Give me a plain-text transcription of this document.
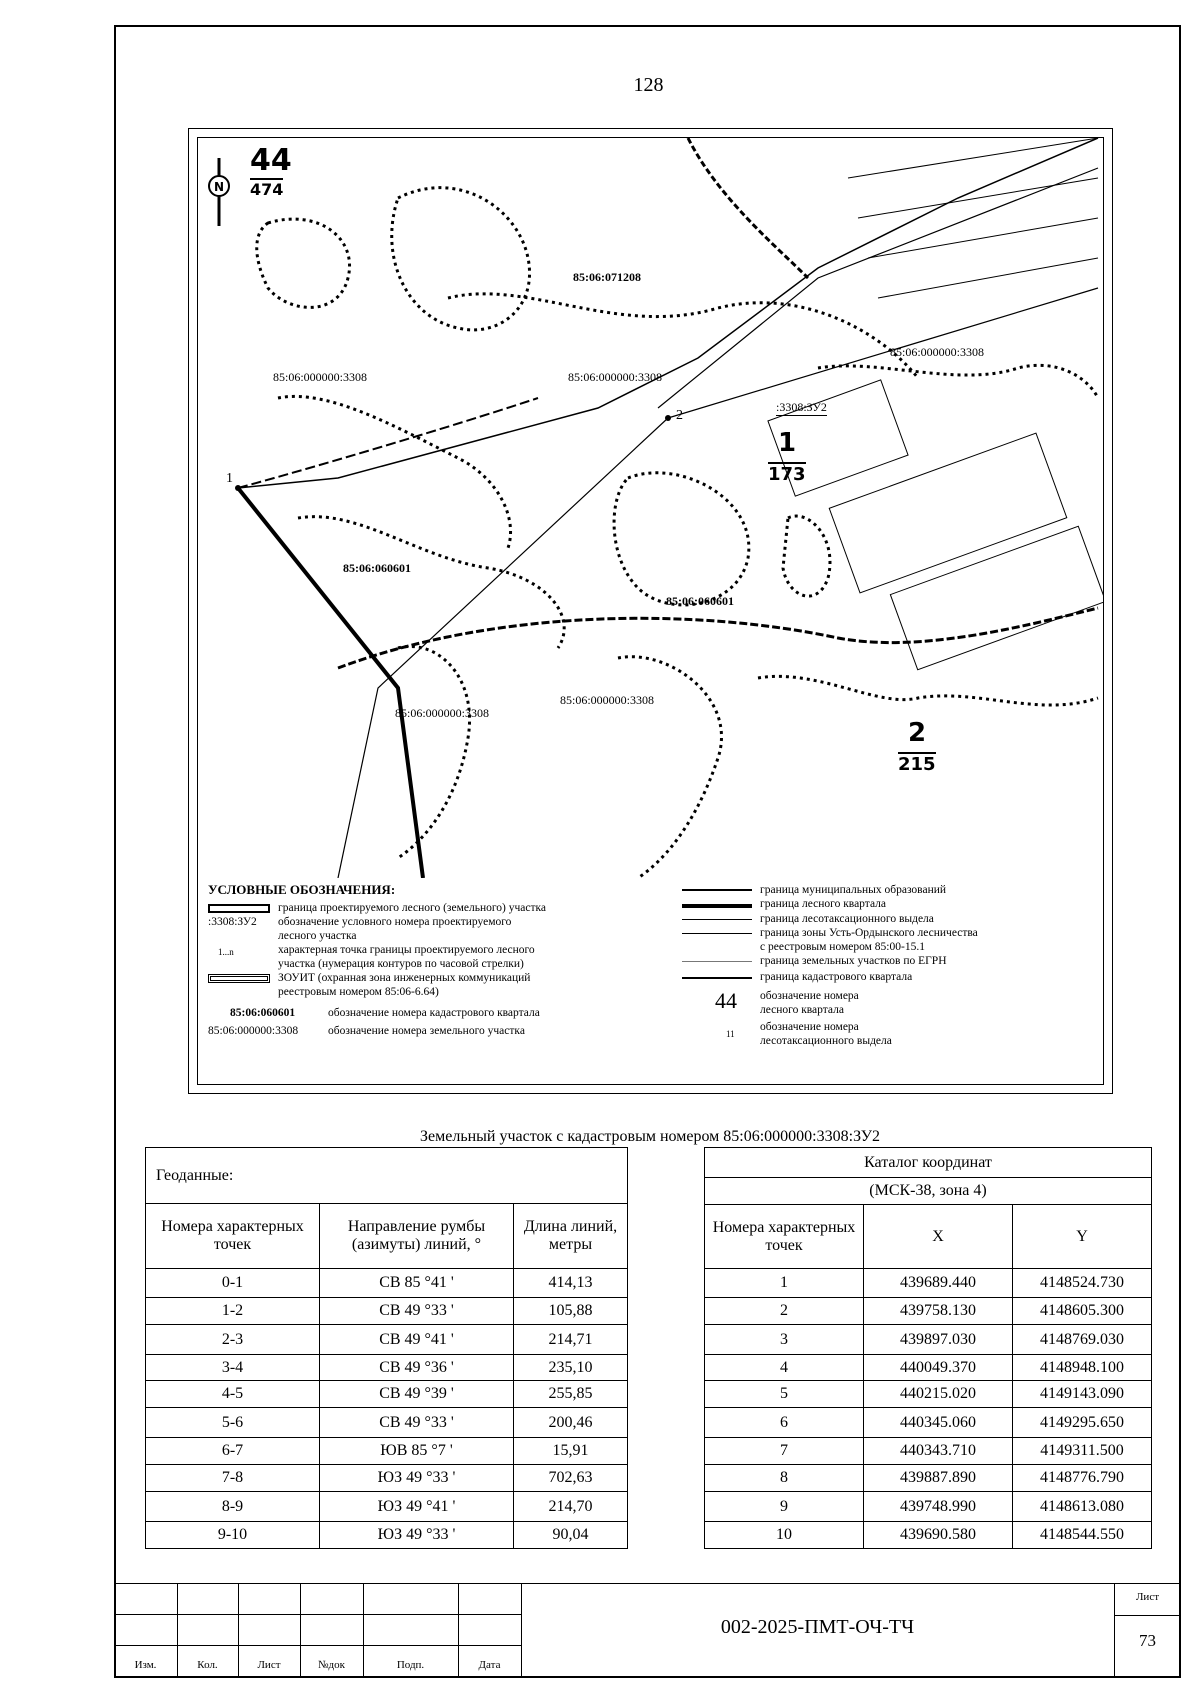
128
N
44
474
1
173
2
215
85:06:071208
85:06:060601
85:06:060601
85:06:000000:3308	85:06:000000:3308
85:06:000000:3308
85:06:000000:3308
85:06:000000:3308
:3308:ЗУ2
1
2
УСЛОВНЫЕ ОБОЗНАЧЕНИЯ:
граница проектируемого лесного (земельного) участка
:3308:ЗУ2 обозначение условного номера проектируемого
лесного участка
1...n	характерная точка границы проектируемого лесного
участка (нумерация контуров по часовой стрелки)
ЗОУИТ (охранная зона инженерных коммуникаций
реестровым номером 85:06-6.64)
85:06:060601	обозначение номера кадастрового квартала
85:06:000000:3308	обозначение номера земельного участка
граница муниципальных образований
граница лесного квартала
граница лесотаксационного выдела
граница зоны Усть-Ордынского лесничества
с реестровым номером 85:00-15.1
граница земельных участков по ЕГРН
граница кадастрового квартала
44 обозначение номера
лесного квартала
11
обозначение номера
лесотаксационного выдела
Земельный участок с кадастровым номером 85:06:000000:3308:ЗУ2
Геоданные:		
Номера характерных точек	Направление румбы (азимуты) линий, °	Длина линий, метры
0-1	СВ 85 °41 '	414,13
1-2	СВ 49 °33 '	105,88
2-3	СВ 49 °41 '	214,71
3-4	СВ 49 °36 '	235,10
4-5	СВ 49 °39 '	255,85
5-6	СВ 49 °33 '	200,46
6-7	ЮВ 85 °7 '	15,91
7-8	ЮЗ 49 °33 '	702,63
8-9	ЮЗ 49 °41 '	214,70
9-10	ЮЗ 49 °33 '	90,04
Каталог координат		
(МСК-38, зона 4)		
Номера характерных точек	X	Y
1	439689.440	4148524.730
2	439758.130	4148605.300
3	439897.030	4148769.030
4	440049.370	4148948.100
5	440215.020	4149143.090
6	440345.060	4149295.650
7	440343.710	4149311.500
8	439887.890	4148776.790
9	439748.990	4148613.080
10	439690.580	4148544.550
Изм.	Кол.	Лист	№док	Подп.	Дата
002-2025-ПМТ-ОЧ-ТЧ
Лист
73
